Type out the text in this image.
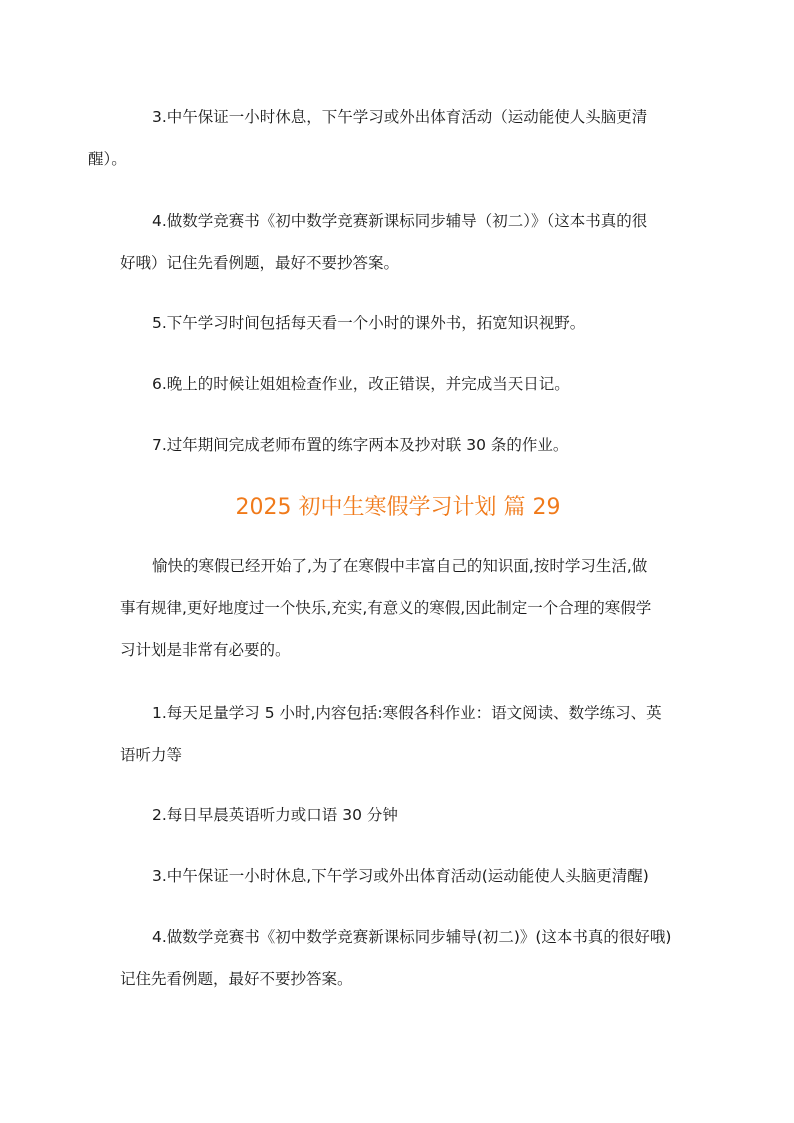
3.中午保证一小时休息，下午学习或外出体育活动（运动能使人头脑更清
醒）。

4.做数学竞赛书《初中数学竞赛新课标同步辅导（初二）》（这本书真的很
好哦）记住先看例题，最好不要抄答案。

5.下午学习时间包括每天看一个小时的课外书，拓宽知识视野。

6.晚上的时候让姐姐检查作业，改正错误，并完成当天日记。

7.过年期间完成老师布置的练字两本及抄对联 30 条的作业。

2025 初中生寒假学习计划 篇 29

愉快的寒假已经开始了,为了在寒假中丰富自己的知识面,按时学习生活,做
事有规律,更好地度过一个快乐,充实,有意义的寒假,因此制定一个合理的寒假学
习计划是非常有必要的。

1.每天足量学习 5 小时,内容包括:寒假各科作业：语文阅读、数学练习、英
语听力等

2.每日早晨英语听力或口语 30 分钟

3.中午保证一小时休息,下午学习或外出体育活动(运动能使人头脑更清醒)

4.做数学竞赛书《初中数学竞赛新课标同步辅导(初二)》(这本书真的很好哦)
记住先看例题，最好不要抄答案。
